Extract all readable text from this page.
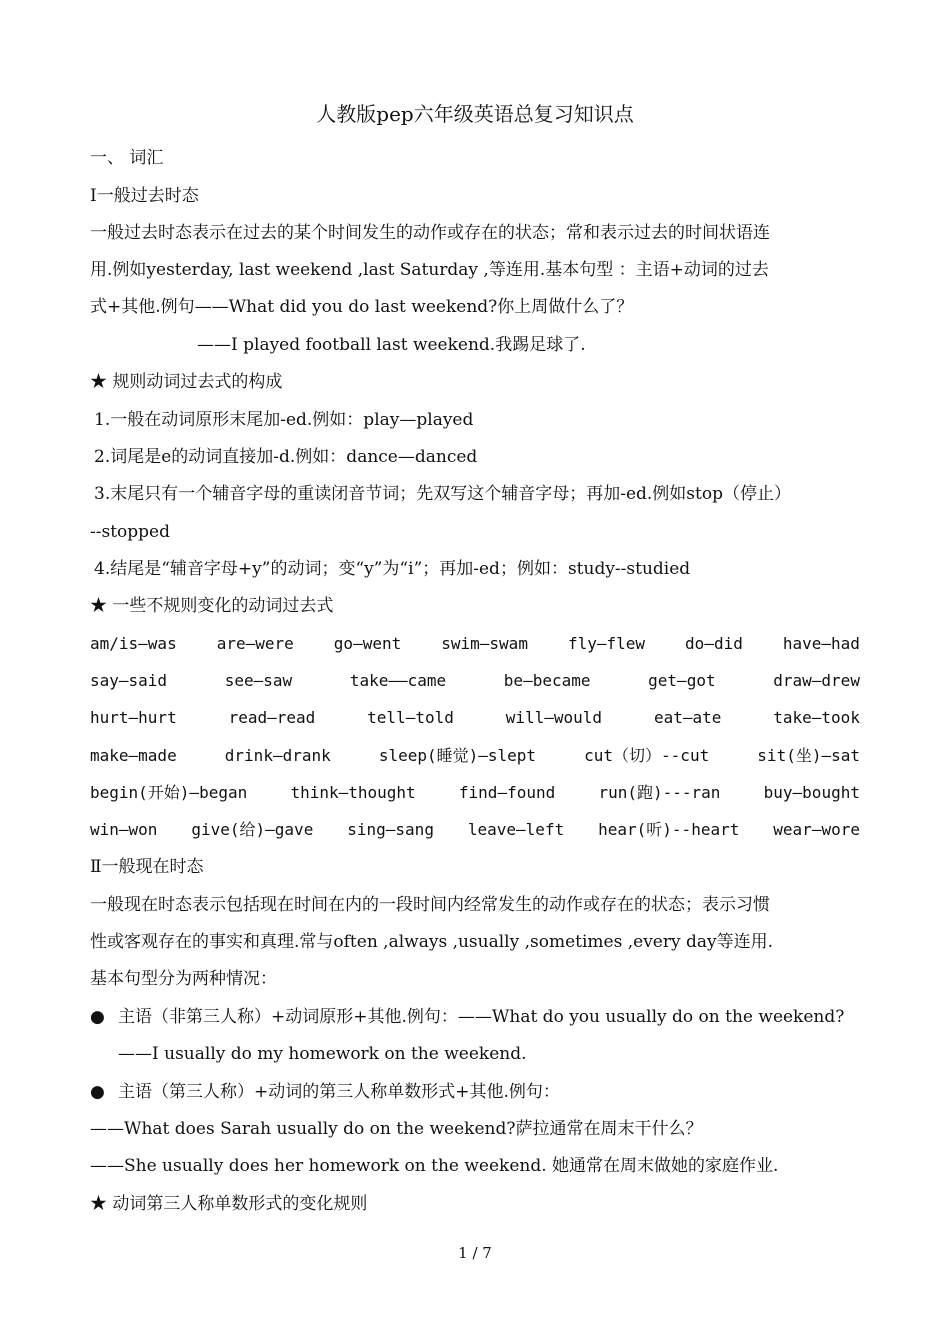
人教版pep六年级英语总复习知识点
一、 词汇
Ⅰ一般过去时态
一般过去时态表示在过去的某个时间发生的动作或存在的状态；常和表示过去的时间状语连
用.例如yesterday, last weekend ,last Saturday ,等连用.基本句型 ：主语+动词的过去
式+其他.例句——What did you do last weekend?你上周做什么了？
——I played football last weekend.我踢足球了.
★ 规则动词过去式的构成
1.一般在动词原形末尾加-ed.例如：play—played
2.词尾是e的动词直接加-d.例如：dance—danced
3.末尾只有一个辅音字母的重读闭音节词；先双写这个辅音字母；再加-ed.例如stop（停止）
--stopped
4.结尾是“辅音字母+y”的动词；变“y”为“i”；再加-ed；例如：study--studied
★ 一些不规则变化的动词过去式
am/is—was	are—were	go—went	swim—swam	fly—flew	do—did	have—had
say—said	see—saw	take——came	be—became	get—got	draw—drew
hurt—hurt	read—read	tell—told	will—would	eat—ate	take—took
make—made	drink—drank	sleep(睡觉)—slept	cut（切）--cut	sit(坐)—sat
begin(开始)—began	think—thought	find—found	run(跑)---ran	buy—bought
win—won give(给)—gave sing—sang leave—left hear(听)--heart wear—wore
Ⅱ一般现在时态
一般现在时态表示包括现在时间在内的一段时间内经常发生的动作或存在的状态；表示习惯
性或客观存在的事实和真理.常与often ,always ,usually ,sometimes ,every day等连用.
基本句型分为两种情况：
● 主语（非第三人称）+动词原形+其他.例句：——What do you usually do on the weekend?
——I usually do my homework on the weekend.
● 主语（第三人称）+动词的第三人称单数形式+其他.例句：
——What does Sarah usually do on the weekend?萨拉通常在周末干什么？
——She usually does her homework on the weekend. 她通常在周末做她的家庭作业.
★ 动词第三人称单数形式的变化规则
1 / 7
